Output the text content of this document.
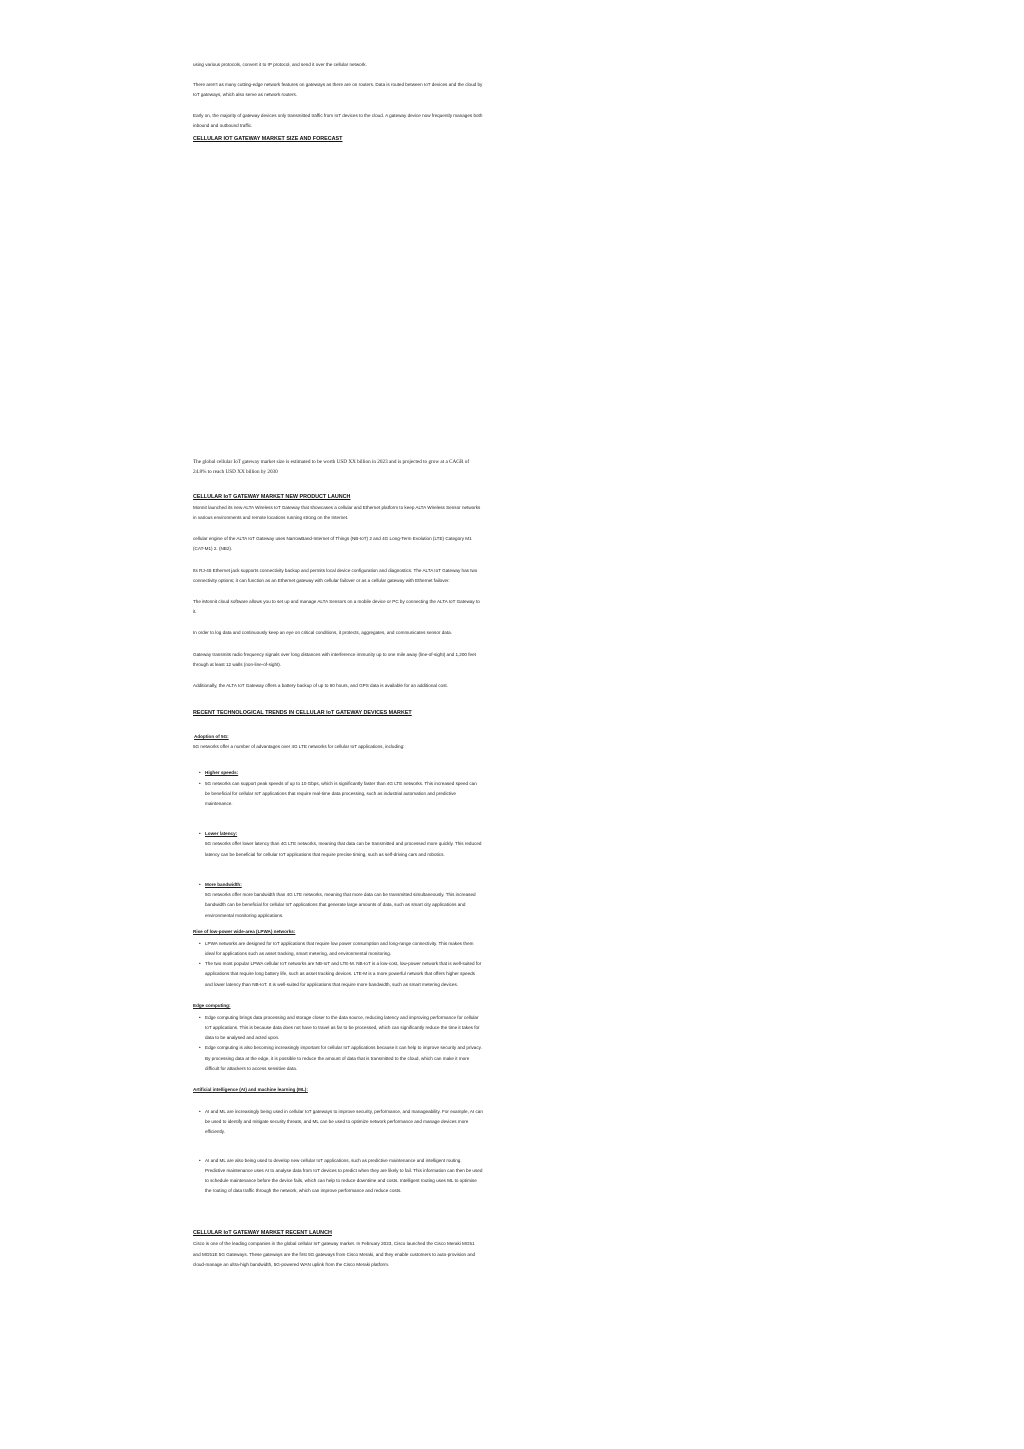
using various protocols, convert it to IP protocol, and send it over the cellular network.

There aren't as many cutting-edge network features on gateways as there are on routers. Data is routed between IoT devices and the cloud by IoT gateways, which also serve as network routers.

Early on, the majority of gateway devices only transmitted traffic from IoT devices to the cloud. A gateway device now frequently manages both inbound and outbound traffic.

CELLULAR IOT GATEWAY MARKET SIZE AND FORECAST

The global cellular IoT gateway market size is estimated to be worth USD XX billion in 2023 and is projected to grow at a CAGR of 24.8% to reach USD XX billion by 2030

CELLULAR IoT GATEWAY MARKET NEW PRODUCT LAUNCH

Monnit launched its new ALTA Wireless IoT Gateway that showcases a cellular and Ethernet platform to keep ALTA Wireless Sensor networks in various environments and remote locations running strong on the Internet.

cellular engine of the ALTA IoT Gateway uses NarrowBand-Internet of Things (NB-IoT) 2 and 4G Long-Term Evolution (LTE) Category M1 (CAT-M1) 2. (NB2).

Its RJ-45 Ethernet jack supports connectivity backup and permits local device configuration and diagnostics. The ALTA IoT Gateway has two connectivity options; it can function as an Ethernet gateway with cellular failover or as a cellular gateway with Ethernet failover.

The iMonnit cloud software allows you to set up and manage ALTA Sensors on a mobile device or PC by connecting the ALTA IoT Gateway to it.

In order to log data and continuously keep an eye on critical conditions, it protects, aggregates, and communicates sensor data.

Gateway transmits radio frequency signals over long distances with interference immunity up to one mile away (line-of-sight) and 1,200 feet through at least 12 walls (non-line-of-sight).

Additionally, the ALTA IoT Gateway offers a battery backup of up to 60 hours, and GPS data is available for an additional cost.

RECENT TECHNOLOGICAL TRENDS IN CELLULAR IoT GATEWAY DEVICES MARKET

Adoption of 5G:

5G networks offer a number of advantages over 4G LTE networks for cellular IoT applications, including:

• Higher speeds:
• 5G networks can support peak speeds of up to 10 Gbps, which is significantly faster than 4G LTE networks. This increased speed can be beneficial for cellular IoT applications that require real-time data processing, such as industrial automation and predictive maintenance.
• Lower latency:
5G networks offer lower latency than 4G LTE networks, meaning that data can be transmitted and processed more quickly. This reduced latency can be beneficial for cellular IoT applications that require precise timing, such as self-driving cars and robotics.
• More bandwidth:
5G networks offer more bandwidth than 4G LTE networks, meaning that more data can be transmitted simultaneously. This increased bandwidth can be beneficial for cellular IoT applications that generate large amounts of data, such as smart city applications and environmental monitoring applications.

Rise of low-power wide-area (LPWA) networks:

• LPWA networks are designed for IoT applications that require low power consumption and long-range connectivity. This makes them ideal for applications such as asset tracking, smart metering, and environmental monitoring.
• The two most popular LPWA cellular IoT networks are NB-IoT and LTE-M. NB-IoT is a low-cost, low-power network that is well-suited for applications that require long battery life, such as asset tracking devices. LTE-M is a more powerful network that offers higher speeds and lower latency than NB-IoT. It is well-suited for applications that require more bandwidth, such as smart metering devices.

Edge computing:

• Edge computing brings data processing and storage closer to the data source, reducing latency and improving performance for cellular IoT applications. This is because data does not have to travel as far to be processed, which can significantly reduce the time it takes for data to be analysed and acted upon.
• Edge computing is also becoming increasingly important for cellular IoT applications because it can help to improve security and privacy. By processing data at the edge, it is possible to reduce the amount of data that is transmitted to the cloud, which can make it more difficult for attackers to access sensitive data.

Artificial intelligence (AI) and machine learning (ML):

• AI and ML are increasingly being used in cellular IoT gateways to improve security, performance, and manageability. For example, AI can be used to identify and mitigate security threats, and ML can be used to optimize network performance and manage devices more efficiently.
• AI and ML are also being used to develop new cellular IoT applications, such as predictive maintenance and intelligent routing. Predictive maintenance uses AI to analyse data from IoT devices to predict when they are likely to fail. This information can then be used to schedule maintenance before the device fails, which can help to reduce downtime and costs. Intelligent routing uses ML to optimise the routing of data traffic through the network, which can improve performance and reduce costs.

CELLULAR IoT GATEWAY MARKET RECENT LAUNCH

Cisco is one of the leading companies in the global cellular IoT gateway market. In February 2023, Cisco launched the Cisco Meraki MG51 and MG51E 5G Gateways. These gateways are the first 5G gateways from Cisco Meraki, and they enable customers to auto-provision and cloud-manage an ultra-high bandwidth, 5G-powered WAN uplink from the Cisco Meraki platform.
